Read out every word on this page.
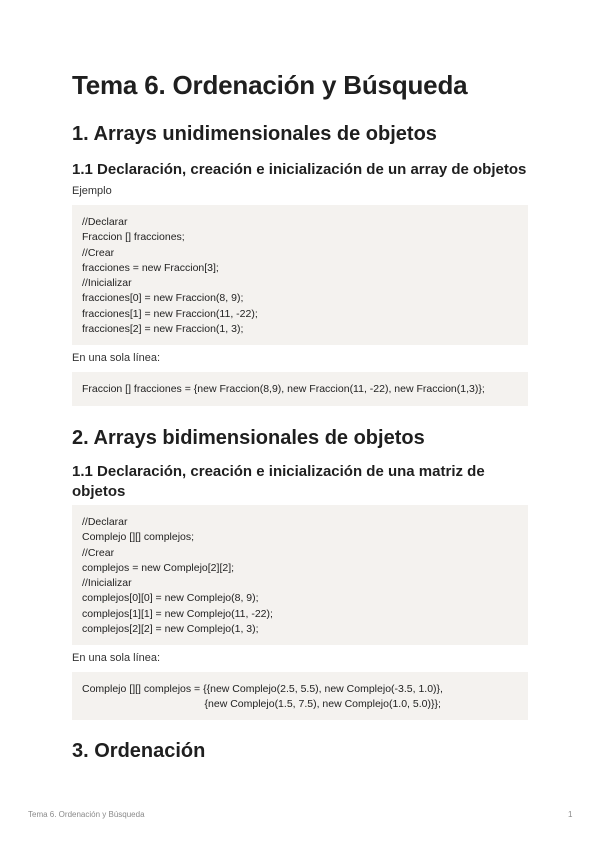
Tema 6. Ordenación y Búsqueda
1. Arrays unidimensionales de objetos
1.1 Declaración, creación e inicialización de un array de objetos

Ejemplo

//Declarar
Fraccion [] fracciones;
//Crear
fracciones = new Fraccion[3];
//Inicializar
fracciones[0] = new Fraccion(8, 9);
fracciones[1] = new Fraccion(11, -22);
fracciones[2] = new Fraccion(1, 3);

En una sola línea:

Fraccion [] fracciones = {new Fraccion(8,9), new Fraccion(11, -22), new Fraccion(1,3)};
2. Arrays bidimensionales de objetos
1.1 Declaración, creación e inicialización de una matriz de objetos
//Declarar
Complejo [][] complejos;
//Crear
complejos = new Complejo[2][2];
//Inicializar
complejos[0][0] = new Complejo(8, 9);
complejos[1][1] = new Complejo(11, -22);
complejos[2][2] = new Complejo(1, 3);

En una sola línea:

Complejo [][] complejos = {{new Complejo(2.5, 5.5), new Complejo(-3.5, 1.0)},
{new Complejo(1.5, 7.5), new Complejo(1.0, 5.0)}};
3. Ordenación
Tema 6. Ordenación y Búsqueda	1
